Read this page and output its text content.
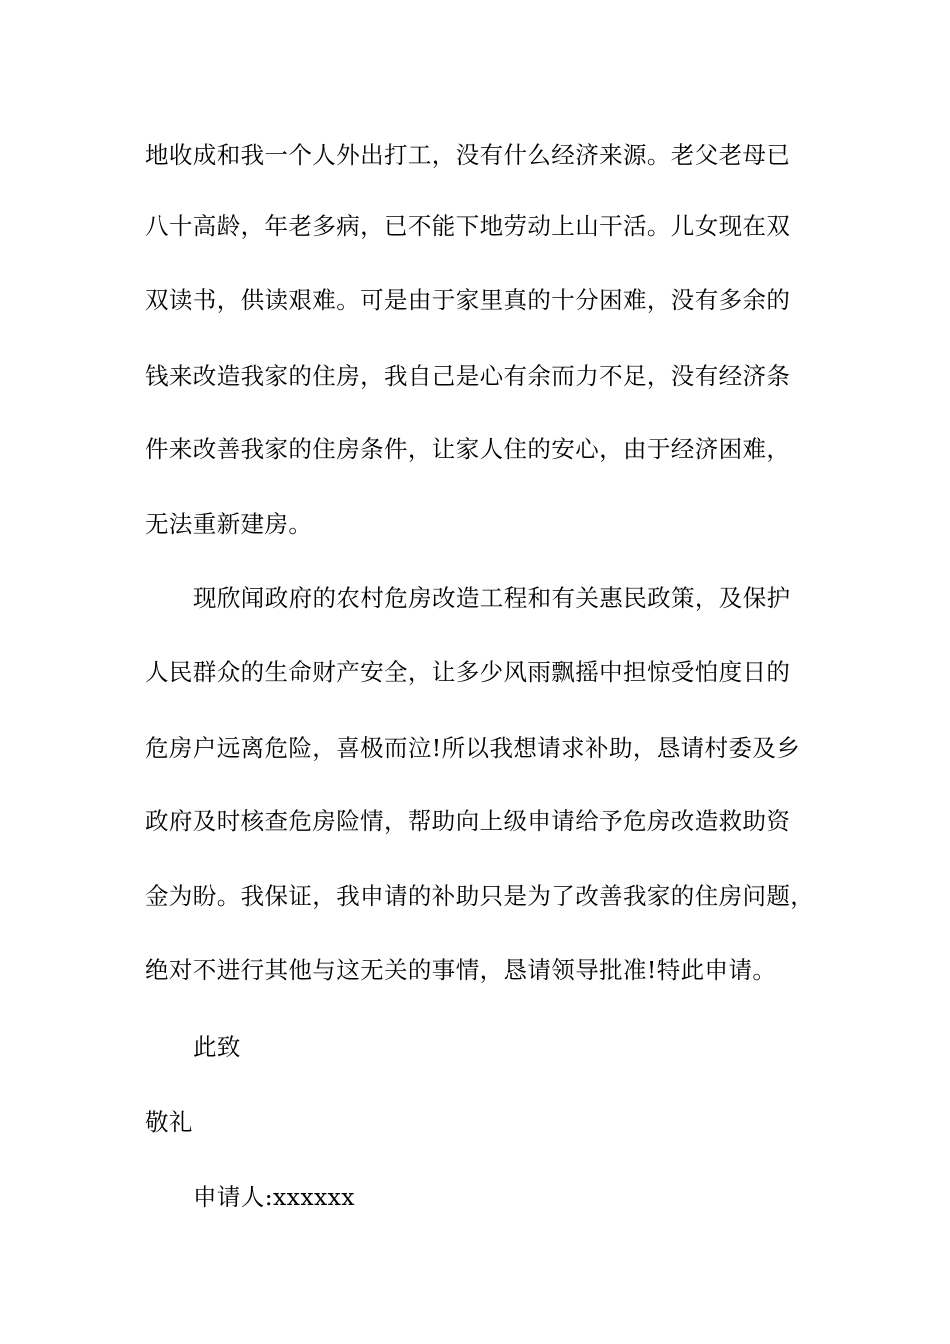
地收成和我一个人外出打工，没有什么经济来源。老父老母已
八十高龄，年老多病，已不能下地劳动上山干活。儿女现在双
双读书，供读艰难。可是由于家里真的十分困难，没有多余的
钱来改造我家的住房，我自己是心有余而力不足，没有经济条
件来改善我家的住房条件，让家人住的安心，由于经济困难，
无法重新建房。
现欣闻政府的农村危房改造工程和有关惠民政策，及保护
人民群众的生命财产安全，让多少风雨飘摇中担惊受怕度日的
危房户远离危险，喜极而泣!所以我想请求补助，恳请村委及乡
政府及时核查危房险情，帮助向上级申请给予危房改造救助资
金为盼。我保证，我申请的补助只是为了改善我家的住房问题，
绝对不进行其他与这无关的事情，恳请领导批准!特此申请。
此致
敬礼
申请人:xxxxxx
